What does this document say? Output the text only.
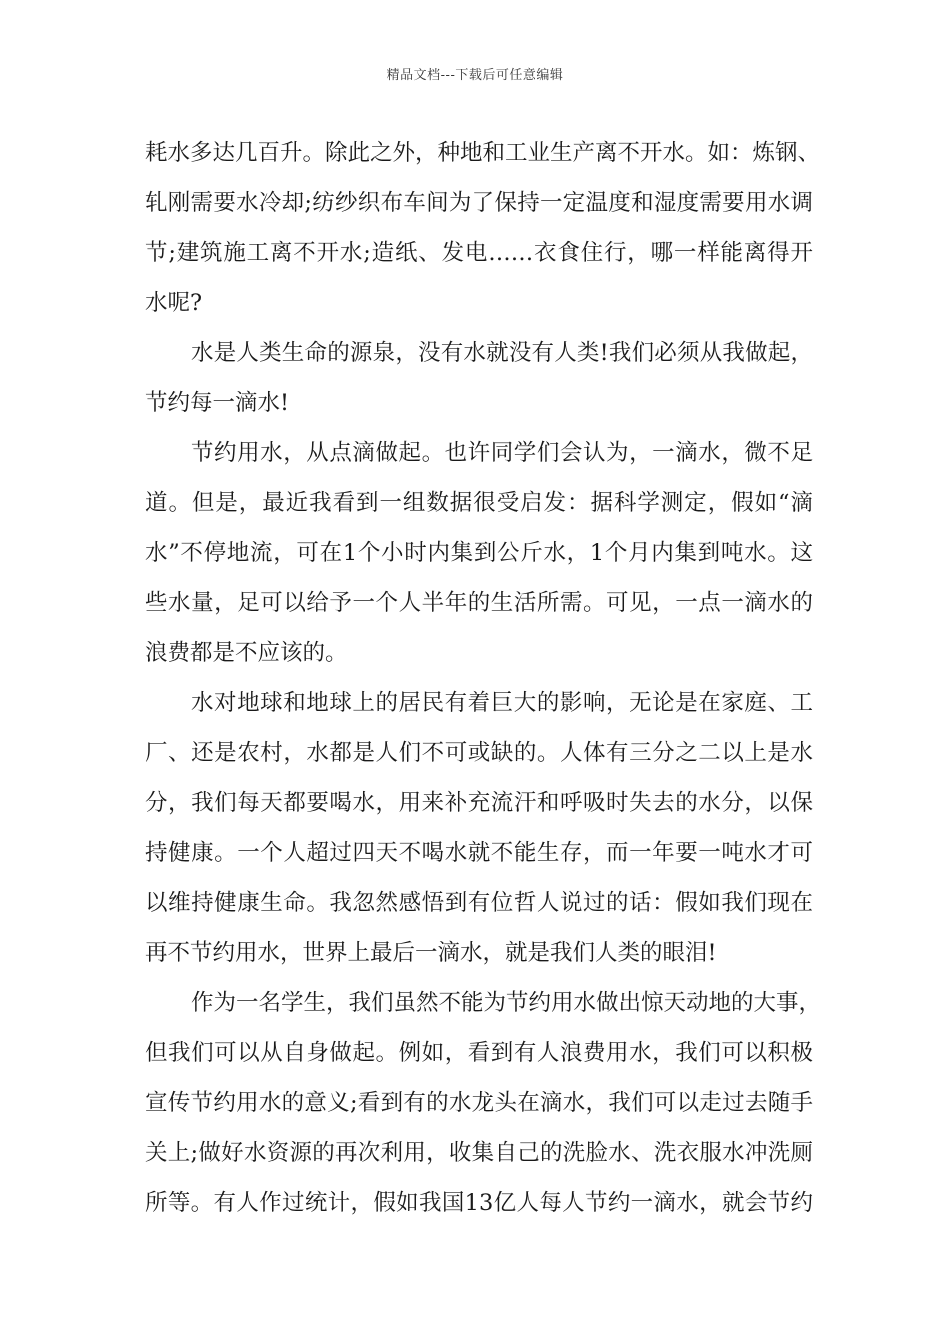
精品文档---下载后可任意编辑
耗水多达几百升。除此之外，种地和工业生产离不开水。如：炼钢、
轧刚需要水冷却;纺纱织布车间为了保持一定温度和湿度需要用水调
节;建筑施工离不开水;造纸、发电……衣食住行，哪一样能离得开
水呢?
水是人类生命的源泉，没有水就没有人类!我们必须从我做起，
节约每一滴水!
节约用水，从点滴做起。也许同学们会认为，一滴水，微不足
道。但是，最近我看到一组数据很受启发：据科学测定，假如“滴
水”不停地流，可在1个小时内集到公斤水，1个月内集到吨水。这
些水量，足可以给予一个人半年的生活所需。可见，一点一滴水的
浪费都是不应该的。
水对地球和地球上的居民有着巨大的影响，无论是在家庭、工
厂、还是农村，水都是人们不可或缺的。人体有三分之二以上是水
分，我们每天都要喝水，用来补充流汗和呼吸时失去的水分，以保
持健康。一个人超过四天不喝水就不能生存，而一年要一吨水才可
以维持健康生命。我忽然感悟到有位哲人说过的话：假如我们现在
再不节约用水，世界上最后一滴水，就是我们人类的眼泪!
作为一名学生，我们虽然不能为节约用水做出惊天动地的大事，
但我们可以从自身做起。例如，看到有人浪费用水，我们可以积极
宣传节约用水的意义;看到有的水龙头在滴水，我们可以走过去随手
关上;做好水资源的再次利用，收集自己的洗脸水、洗衣服水冲洗厕
所等。有人作过统计，假如我国13亿人每人节约一滴水，就会节约
